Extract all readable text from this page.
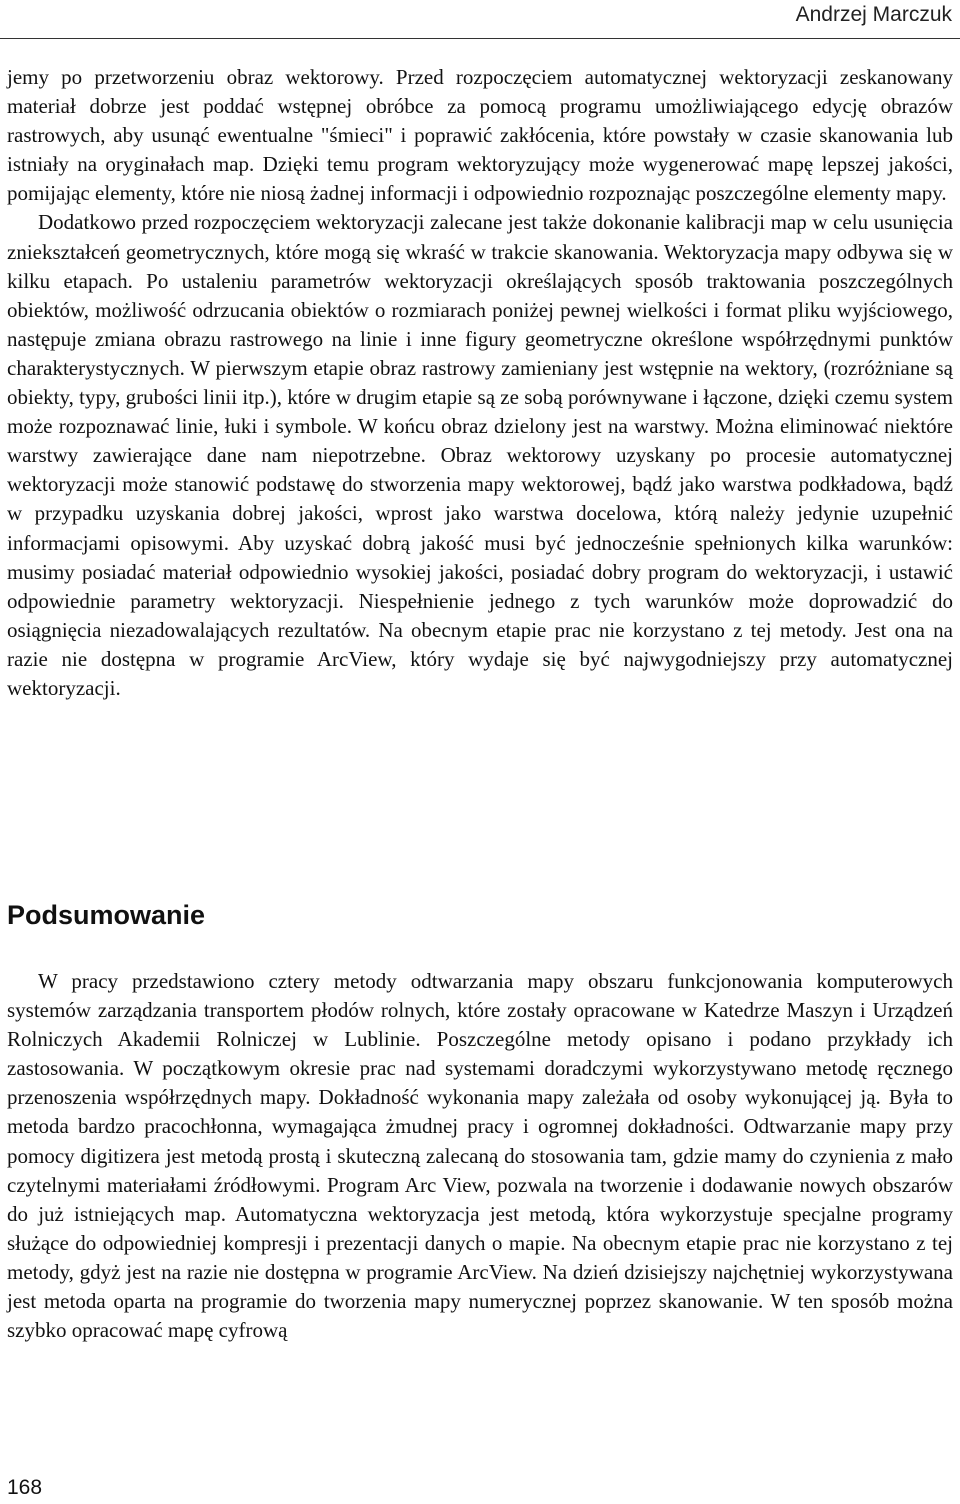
Andrzej Marczuk

jemy po przetworzeniu obraz wektorowy. Przed rozpoczęciem automatycznej wektoryzacji zeskanowany materiał dobrze jest poddać wstępnej obróbce za pomocą programu umożliwiającego edycję obrazów rastrowych, aby usunąć ewentualne "śmieci" i poprawić zakłócenia, które powstały w czasie skanowania lub istniały na oryginałach map. Dzięki temu program wektoryzujący może wygenerować mapę lepszej jakości, pomijając elementy, które nie niosą żadnej informacji i odpowiednio rozpoznając poszczególne elementy mapy.

Dodatkowo przed rozpoczęciem wektoryzacji zalecane jest także dokonanie kalibracji map w celu usunięcia zniekształceń geometrycznych, które mogą się wkraść w trakcie skanowania. Wektoryzacja mapy odbywa się w kilku etapach. Po ustaleniu parametrów wektoryzacji określających sposób traktowania poszczególnych obiektów, możliwość odrzucania obiektów o rozmiarach poniżej pewnej wielkości i format pliku wyjściowego, następuje zmiana obrazu rastrowego na linie i inne figury geometryczne określone współrzędnymi punktów charakterystycznych. W pierwszym etapie obraz rastrowy zamieniany jest wstępnie na wektory, (rozróżniane są obiekty, typy, grubości linii itp.), które w drugim etapie są ze sobą porównywane i łączone, dzięki czemu system może rozpoznawać linie, łuki i symbole. W końcu obraz dzielony jest na warstwy. Można eliminować niektóre warstwy zawierające dane nam niepotrzebne. Obraz wektorowy uzyskany po procesie automatycznej wektoryzacji może stanowić podstawę do stworzenia mapy wektorowej, bądź jako warstwa podkładowa, bądź w przypadku uzyskania dobrej jakości, wprost jako warstwa docelowa, którą należy jedynie uzupełnić informacjami opisowymi. Aby uzyskać dobrą jakość musi być jednocześnie spełnionych kilka warunków: musimy posiadać materiał odpowiednio wysokiej jakości, posiadać dobry program do wektoryzacji, i ustawić odpowiednie parametry wektoryzacji. Niespełnienie jednego z tych warunków może doprowadzić do osiągnięcia niezadowalających rezultatów. Na obecnym etapie prac nie korzystano z tej metody. Jest ona na razie nie dostępna w programie ArcView, który wydaje się być najwygodniejszy przy automatycznej wektoryzacji.

Podsumowanie

W pracy przedstawiono cztery metody odtwarzania mapy obszaru funkcjonowania komputerowych systemów zarządzania transportem płodów rolnych, które zostały opracowane w Katedrze Maszyn i Urządzeń Rolniczych Akademii Rolniczej w Lublinie. Poszczególne metody opisano i podano przykłady ich zastosowania. W początkowym okresie prac nad systemami doradczymi wykorzystywano metodę ręcznego przenoszenia współrzędnych mapy. Dokładność wykonania mapy zależała od osoby wykonującej ją. Była to metoda bardzo pracochłonna, wymagająca żmudnej pracy i ogromnej dokładności. Odtwarzanie mapy przy pomocy digitizera jest metodą prostą i skuteczną zalecaną do stosowania tam, gdzie mamy do czynienia z mało czytelnymi materiałami źródłowymi. Program Arc View, pozwala na tworzenie i dodawanie nowych obszarów do już istniejących map. Automatyczna wektoryzacja jest metodą, która wykorzystuje specjalne programy służące do odpowiedniej kompresji i prezentacji danych o mapie. Na obecnym etapie prac nie korzystano z tej metody, gdyż jest na razie nie dostępna w programie ArcView. Na dzień dzisiejszy najchętniej wykorzystywana jest metoda oparta na programie do tworzenia mapy numerycznej poprzez skanowanie. W ten sposób można szybko opracować mapę cyfrową

168
